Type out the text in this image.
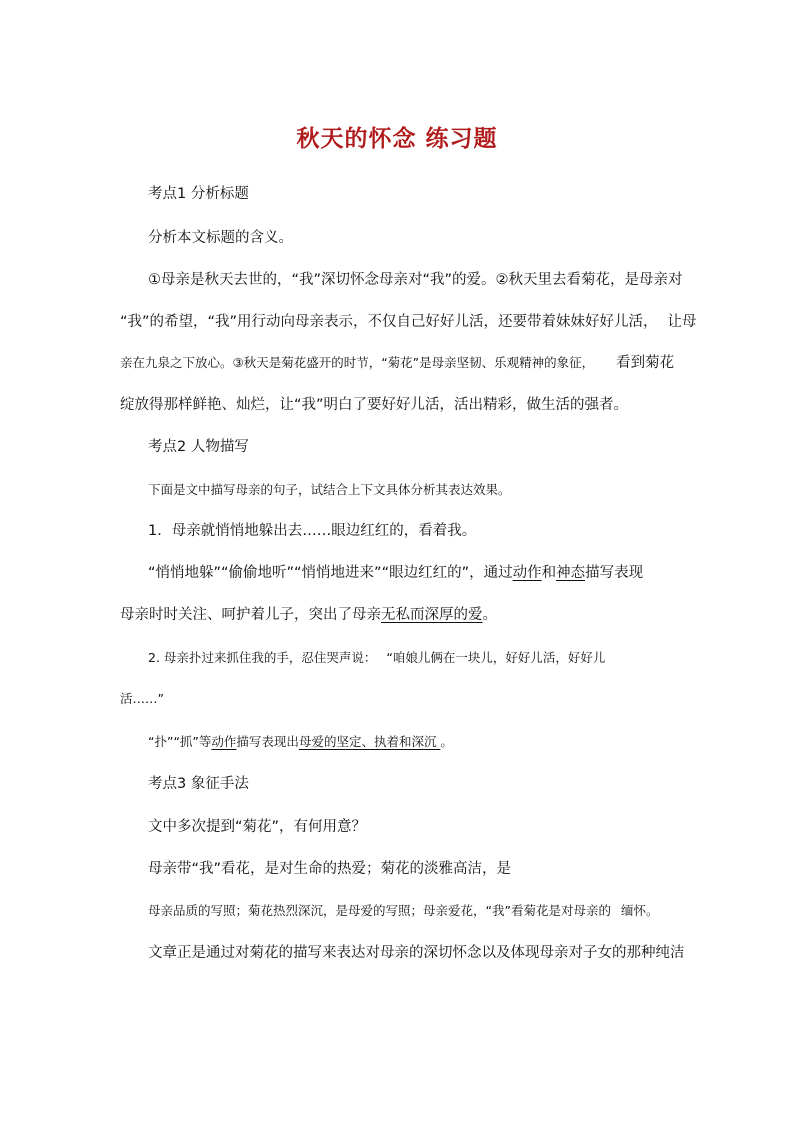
秋天的怀念 练习题
考点1 分析标题
分析本文标题的含义。
①母亲是秋天去世的，“我”深切怀念母亲对“我”的爱。②秋天里去看菊花，是母亲对
“我”的希望，“我”用行动向母亲表示，不仅自己好好儿活，还要带着妹妹好好儿活， 让母
亲在九泉之下放心。③秋天是菊花盛开的时节，“菊花”是母亲坚韧、乐观精神的象征， 看到菊花
绽放得那样鲜艳、灿烂，让“我”明白了要好好儿活，活出精彩，做生活的强者。
考点2 人物描写
下面是文中描写母亲的句子，试结合上下文具体分析其表达效果。
1．母亲就悄悄地躲出去……眼边红红的，看着我。
“悄悄地躲”“偷偷地听”“悄悄地进来”“眼边红红的”，通过动作和神态描写表现
母亲时时关注、呵护着儿子，突出了母亲无私而深厚的爱。
2. 母亲扑过来抓住我的手，忍住哭声说： “咱娘儿俩在一块儿，好好儿活，好好儿
活……”
“扑”“抓”等动作描写表现出母爱的坚定、执着和深沉 。
考点3 象征手法
文中多次提到“菊花”，有何用意？
母亲带“我”看花，是对生命的热爱；菊花的淡雅高洁，是
母亲品质的写照；菊花热烈深沉，是母爱的写照；母亲爱花，“我”看菊花是对母亲的 缅怀。
文章正是通过对菊花的描写来表达对母亲的深切怀念以及体现母亲对子女的那种纯洁
